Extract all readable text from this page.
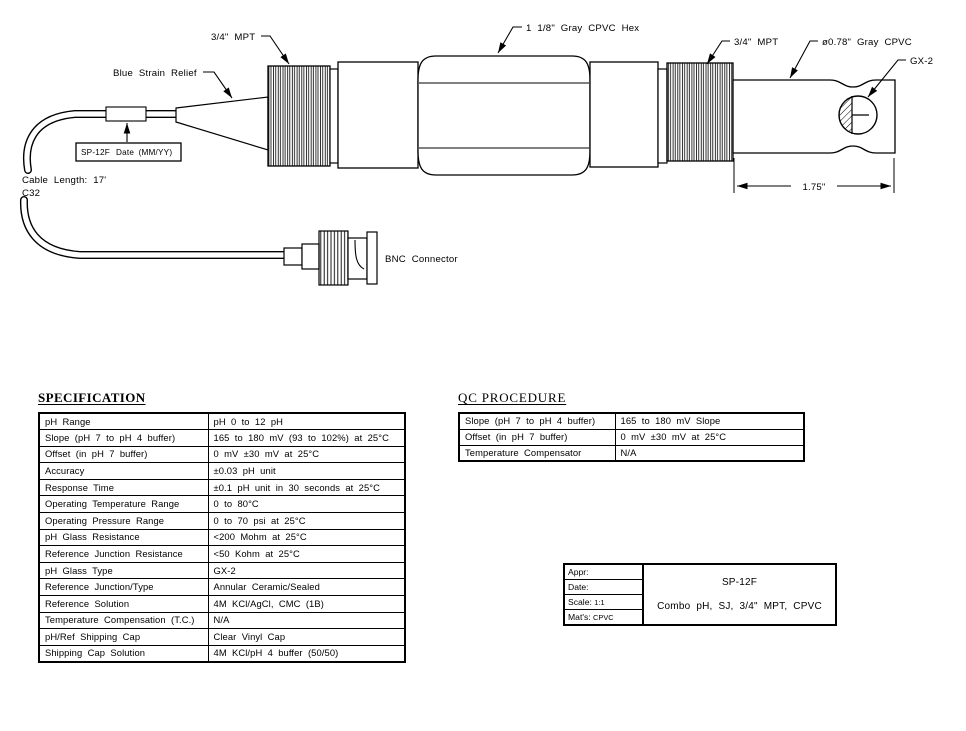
SP-12F Date (MM/YY)
1.75"
3/4" MPT
Blue Strain Relief
1 1/8" Gray CPVC Hex
3/4" MPT	ø0.78" Gray CPVC
GX-2
Cable Length: 17'
C32
BNC Connector
SPECIFICATION
pH Range	pH 0 to 12 pH
Slope (pH 7 to pH 4 buffer)	165 to 180 mV (93 to 102%) at 25°C
Offset (in pH 7 buffer)	0 mV ±30 mV at 25°C
Accuracy	±0.03 pH unit
Response Time	±0.1 pH unit in 30 seconds at 25°C
Operating Temperature Range	0 to 80°C
Operating Pressure Range	0 to 70 psi at 25°C
pH Glass Resistance	<200 Mohm at 25°C
Reference Junction Resistance	<50 Kohm at 25°C
pH Glass Type	GX-2
Reference Junction/Type	Annular Ceramic/Sealed
Reference Solution	4M KCl/AgCl, CMC (1B)
Temperature Compensation (T.C.)	N/A
pH/Ref Shipping Cap	Clear Vinyl Cap
Shipping Cap Solution	4M KCl/pH 4 buffer (50/50)
QC PROCEDURE
Slope (pH 7 to pH 4 buffer)	165 to 180 mV Slope
Offset (in pH 7 buffer)	0 mV ±30 mV at 25°C
Temperature Compensator	N/A
Appr:
Date:
Scale: 1:1
Mat's: CPVC
SP-12F
Combo pH, SJ, 3/4" MPT, CPVC
